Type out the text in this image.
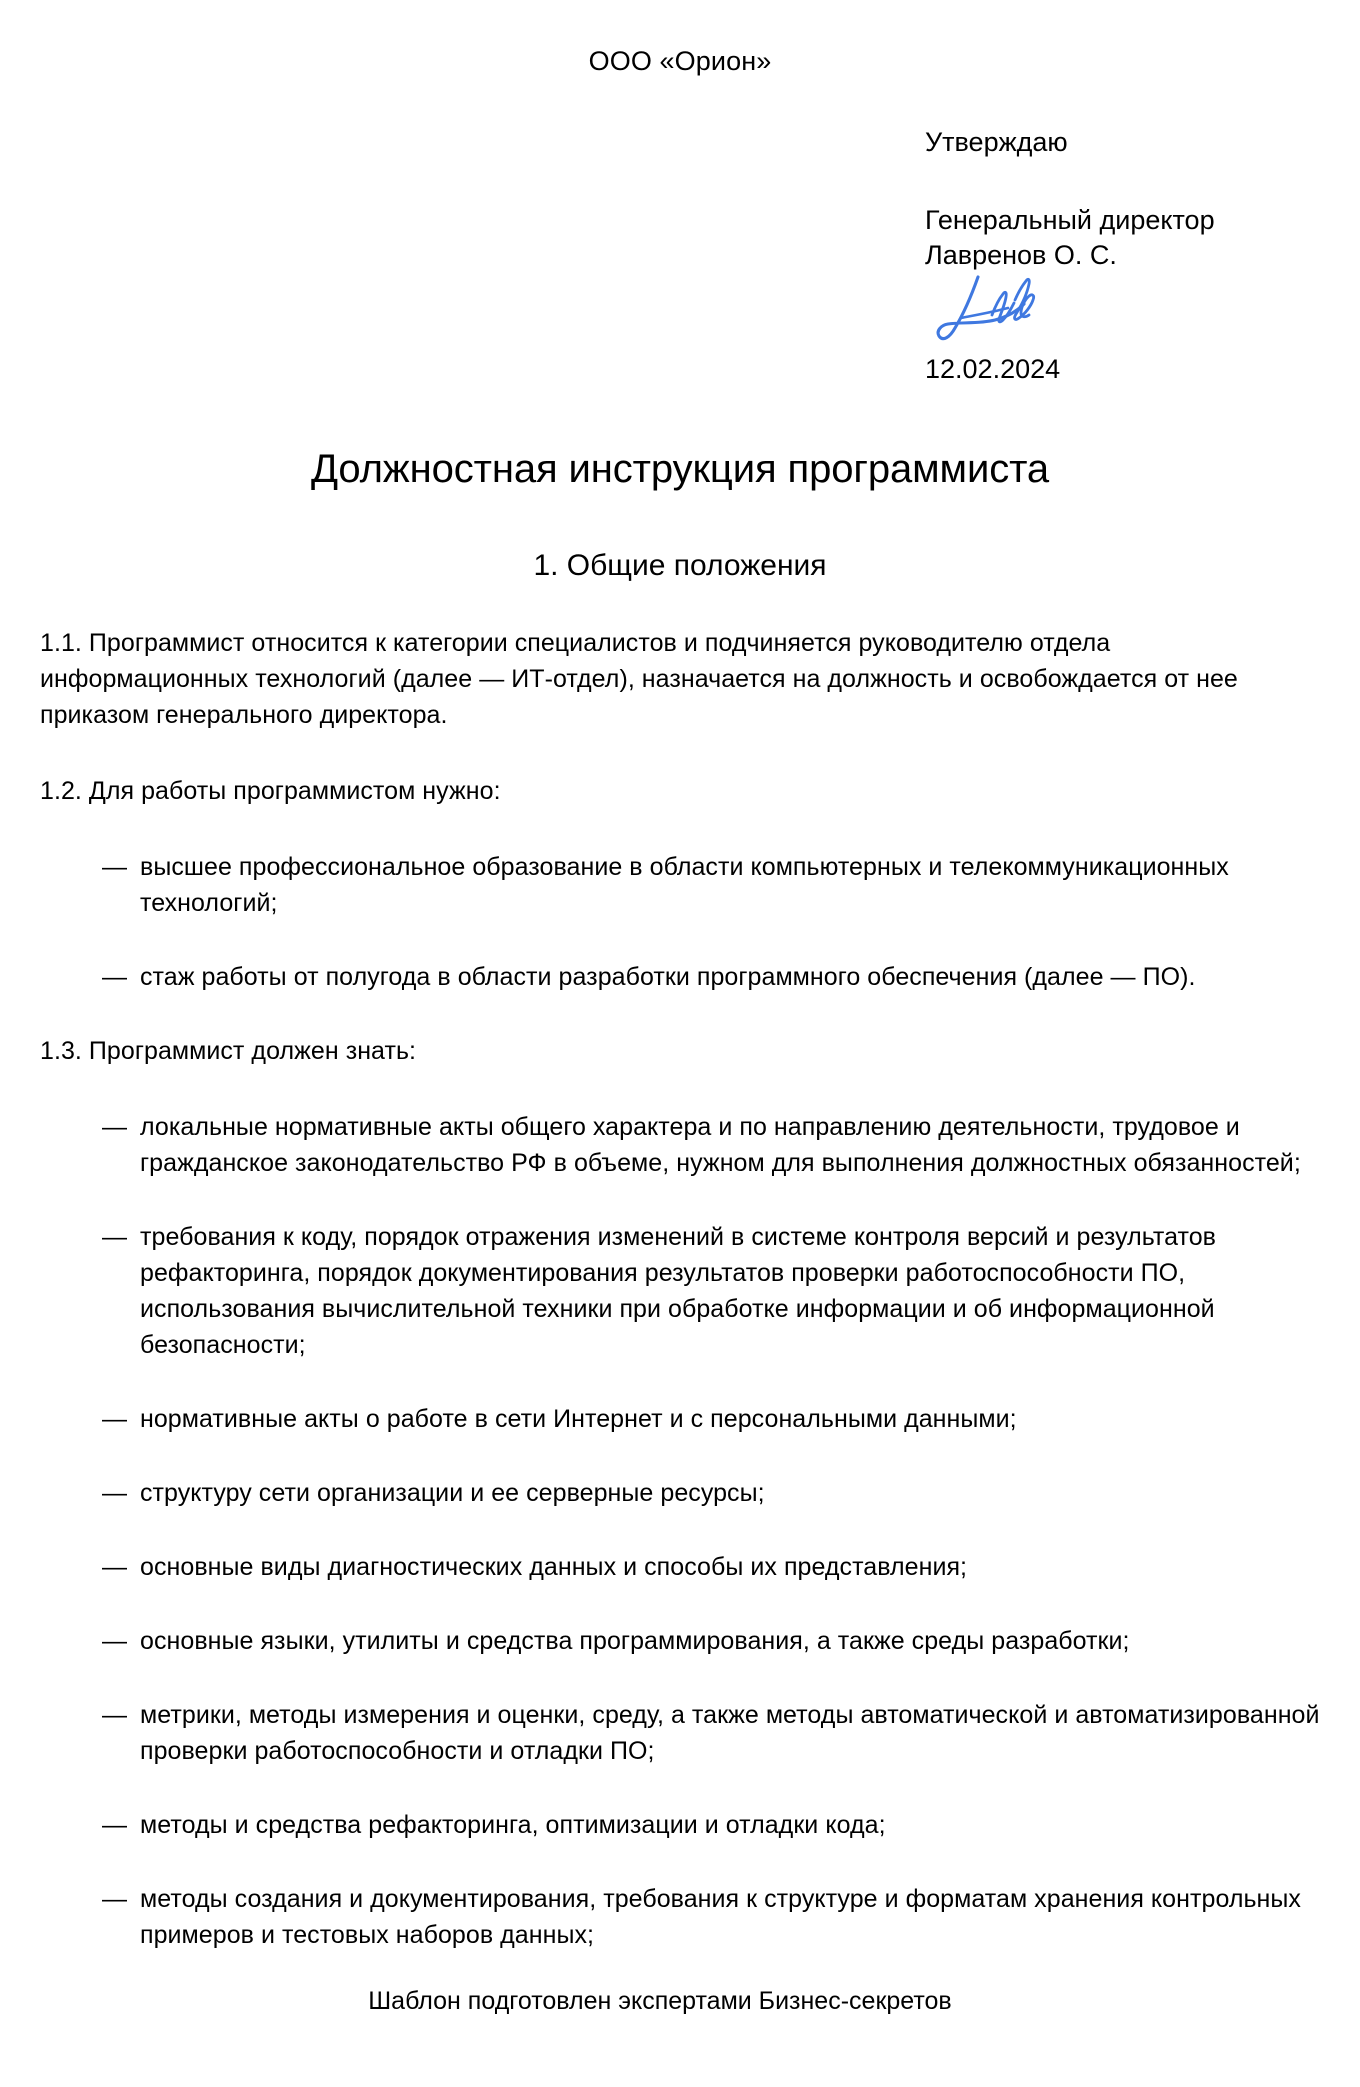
ООО «Орион»

Утверждаю

Генеральный директор

Лавренов О. С.

12.02.2024

Должностная инструкция программиста
1. Общие положения

1.1. Программист относится к категории специалистов и подчиняется руководителю отдела информационных технологий (далее — ИТ-отдел), назначается на должность и освобождается от нее приказом генерального директора.

1.2. Для работы программистом нужно:

— высшее профессиональное образование в области компьютерных и телекоммуникационных технологий;
— стаж работы от полугода в области разработки программного обеспечения (далее — ПО).

1.3. Программист должен знать:

— локальные нормативные акты общего характера и по направлению деятельности, трудовое и гражданское законодательство РФ в объеме, нужном для выполнения должностных обязанностей;
— требования к коду, порядок отражения изменений в системе контроля версий и результатов рефакторинга, порядок документирования результатов проверки работоспособности ПО, использования вычислительной техники при обработке информации и об информационной безопасности;
— нормативные акты о работе в сети Интернет и с персональными данными;
— структуру сети организации и ее серверные ресурсы;
— основные виды диагностических данных и способы их представления;
— основные языки, утилиты и средства программирования, а также среды разработки;
— метрики, методы измерения и оценки, среду, а также методы автоматической и автоматизированной проверки работоспособности и отладки ПО;
— методы и средства рефакторинга, оптимизации и отладки кода;
— методы создания и документирования, требования к структуре и форматам хранения контрольных примеров и тестовых наборов данных;
Шаблон подготовлен экспертами Бизнес-секретов
